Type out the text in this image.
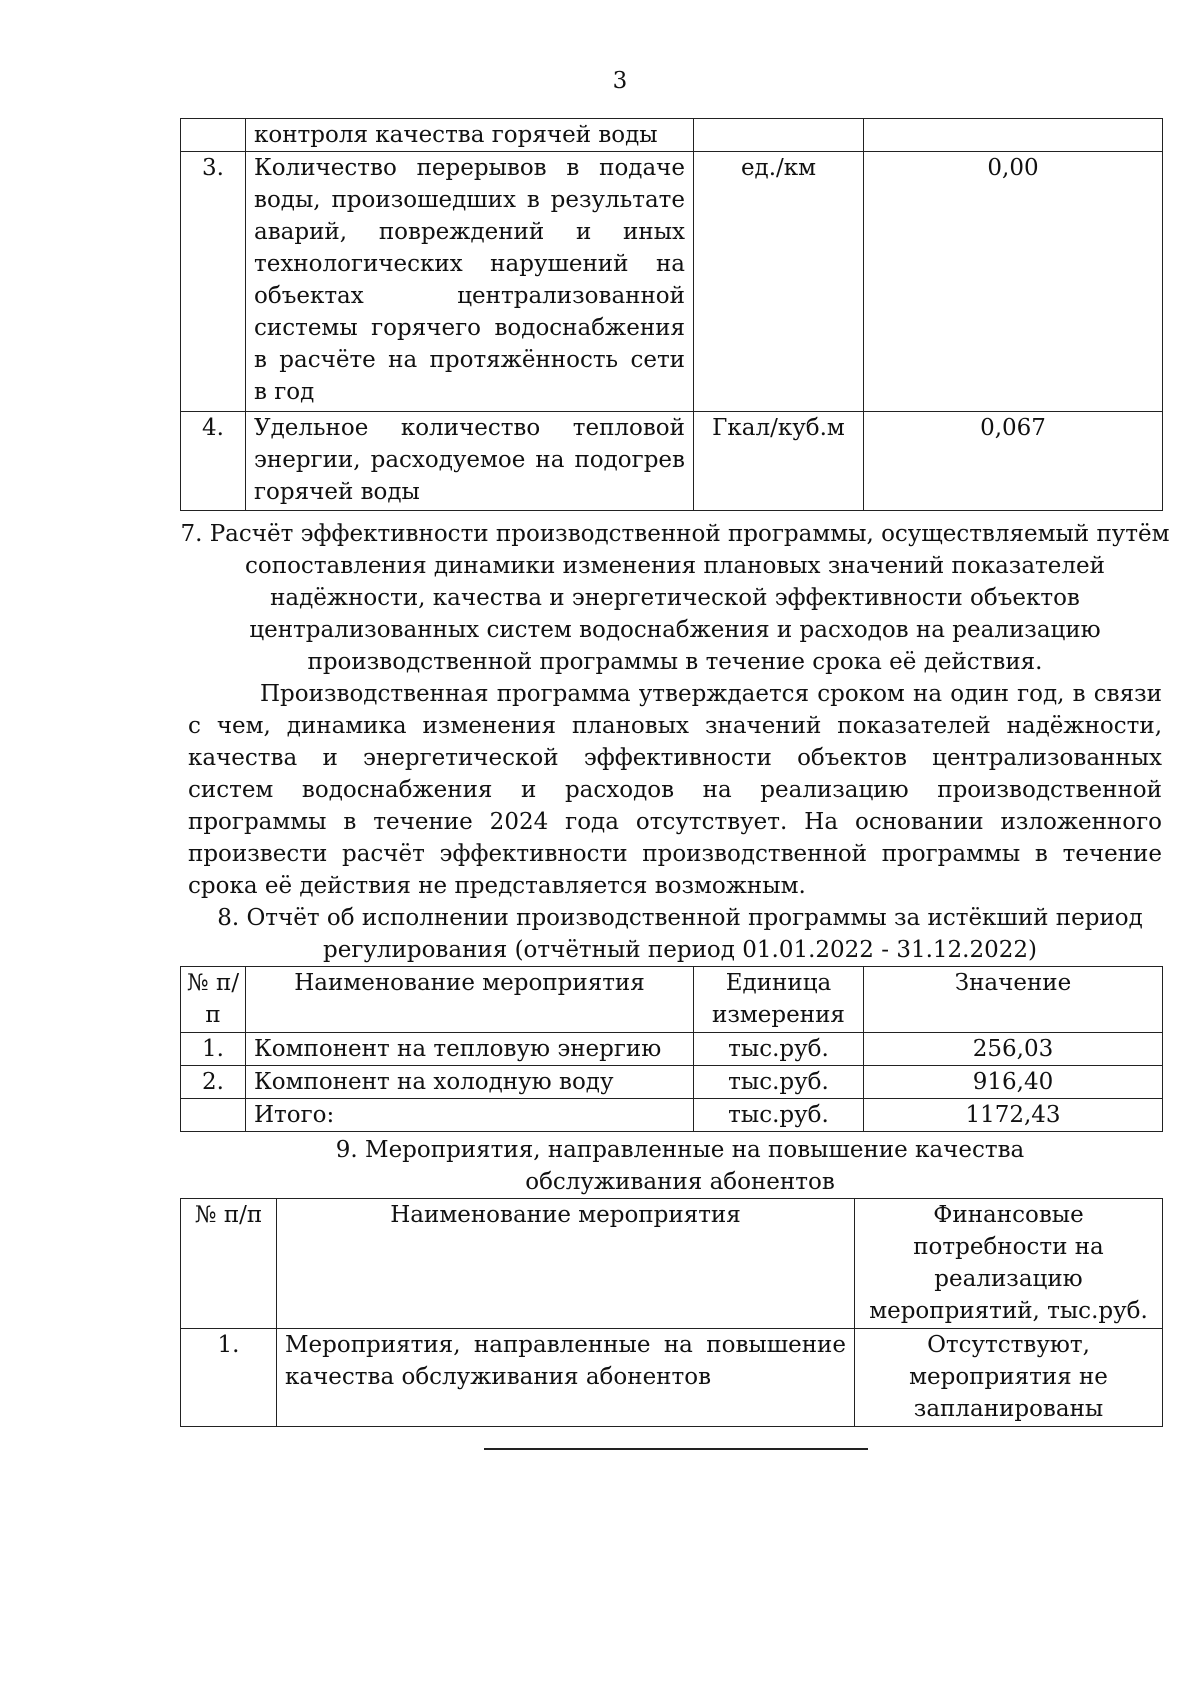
3
	контроля качества горячей воды		
3.	Количество перерывов в подаче воды, произошедших в результате аварий, повреждений и иных технологических нарушений на объектах централизованной системы горячего водоснабжения в расчёте на протяжённость сети в год	ед./км	0,00
4.	Удельное количество тепловой энергии, расходуемое на подогрев горячей воды	Гкал/куб.м	0,067
7. Расчёт эффективности производственной программы, осуществляемый путём сопоставления динамики изменения плановых значений показателей надёжности, качества и энергетической эффективности объектов централизованных систем водоснабжения и расходов на реализацию производственной программы в течение срока её действия.
Производственная программа утверждается сроком на один год, в связи с чем, динамика изменения плановых значений показателей надёжности, качества и энергетической эффективности объектов централизованных систем водоснабжения и расходов на реализацию производственной программы в течение 2024 года отсутствует. На основании изложенного произвести расчёт эффективности производственной программы в течение срока её действия не представляется возможным.
8. Отчёт об исполнении производственной программы за истёкший период регулирования (отчётный период 01.01.2022 - 31.12.2022)
№ п/п	Наименование мероприятия	Единица измерения	Значение
1.	Компонент на тепловую энергию	тыс.руб.	256,03
2.	Компонент на холодную воду	тыс.руб.	916,40
	Итого:	тыс.руб.	1172,43
9. Мероприятия, направленные на повышение качества обслуживания абонентов
№ п/п	Наименование мероприятия	Финансовые потребности на реализацию мероприятий, тыс.руб.
1.	Мероприятия, направленные на повышение качества обслуживания абонентов	Отсутствуют, мероприятия не запланированы
